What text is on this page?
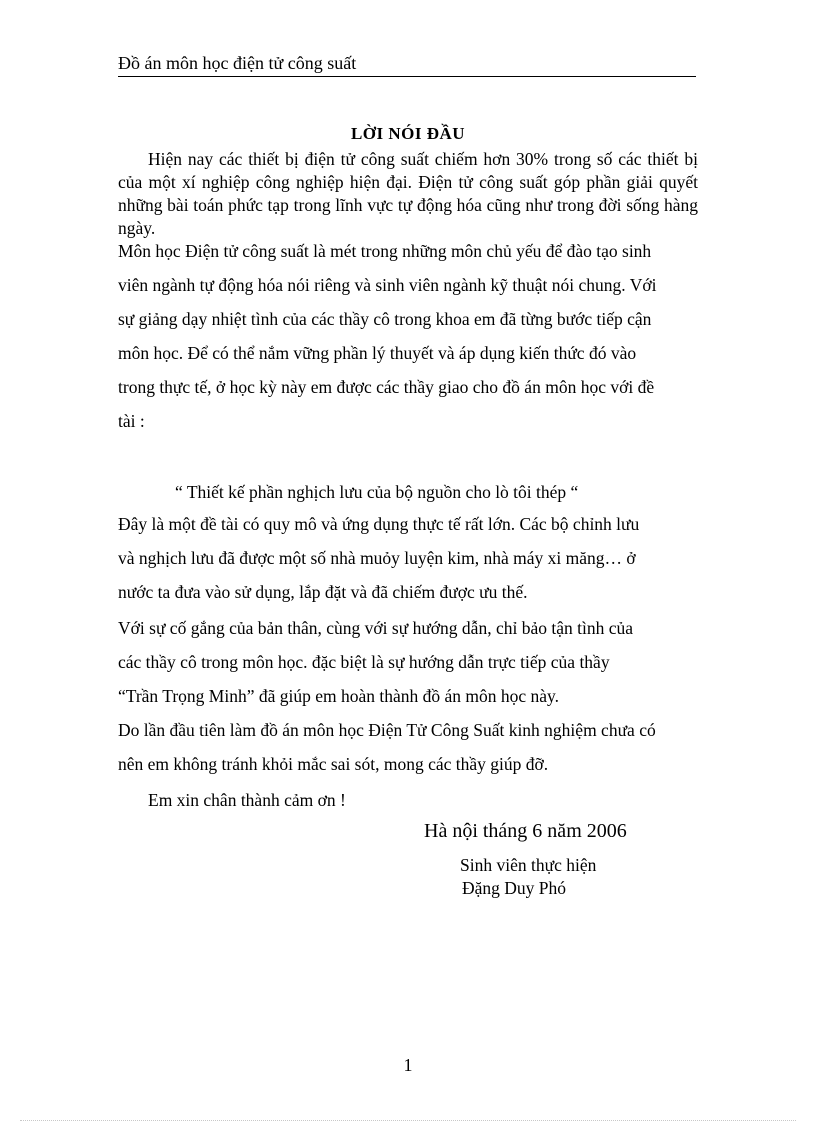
Đồ án môn học điện tử công suất
LỜI NÓI ĐẦU
Hiện nay các thiết bị điện tử công suất chiếm hơn 30% trong số các thiết bị của một xí nghiệp công nghiệp hiện đại. Điện tử công suất góp phần giải quyết những bài toán phức tạp trong lĩnh vực tự động hóa cũng như trong đời sống hàng ngày.
Môn học Điện tử công suất là mét trong những môn chủ yếu để đào tạo sinh
viên ngành tự động hóa nói riêng và sinh viên ngành kỹ thuật nói chung. Với
sự giảng dạy nhiệt tình của các thầy cô trong khoa em đã từng bước tiếp cận
môn học. Để có thể nắm vững phần lý thuyết và áp dụng kiến thức đó vào
trong thực tế, ở học kỳ này em được các thầy giao cho đồ án môn học với đề
tài :
“ Thiết kế phần nghịch lưu của bộ nguồn cho lò tôi thép “
Đây là một đề tài có quy mô và ứng dụng thực tế rất lớn. Các bộ chỉnh lưu
và nghịch lưu đã được một số nhà muỏy luyện kim, nhà máy xi măng… ở
nước ta đưa vào sử dụng, lắp đặt và đã chiếm được ưu thế.
Với sự cố gắng của bản thân, cùng với sự hướng dẫn, chỉ bảo tận tình của
các thầy cô trong môn học. đặc biệt là sự hướng dẫn trực tiếp của thầy
“Trần Trọng Minh” đã giúp em hoàn thành đồ án môn học này.
Do lần đầu tiên làm đồ án môn học Điện Tử Công Suất kinh nghiệm chưa có
nên em không tránh khỏi mắc sai sót, mong các thầy giúp đỡ.
Em xin chân thành cảm ơn !
Hà nội tháng 6 năm 2006
Sinh viên thực hiện
Đặng Duy Phó
1
